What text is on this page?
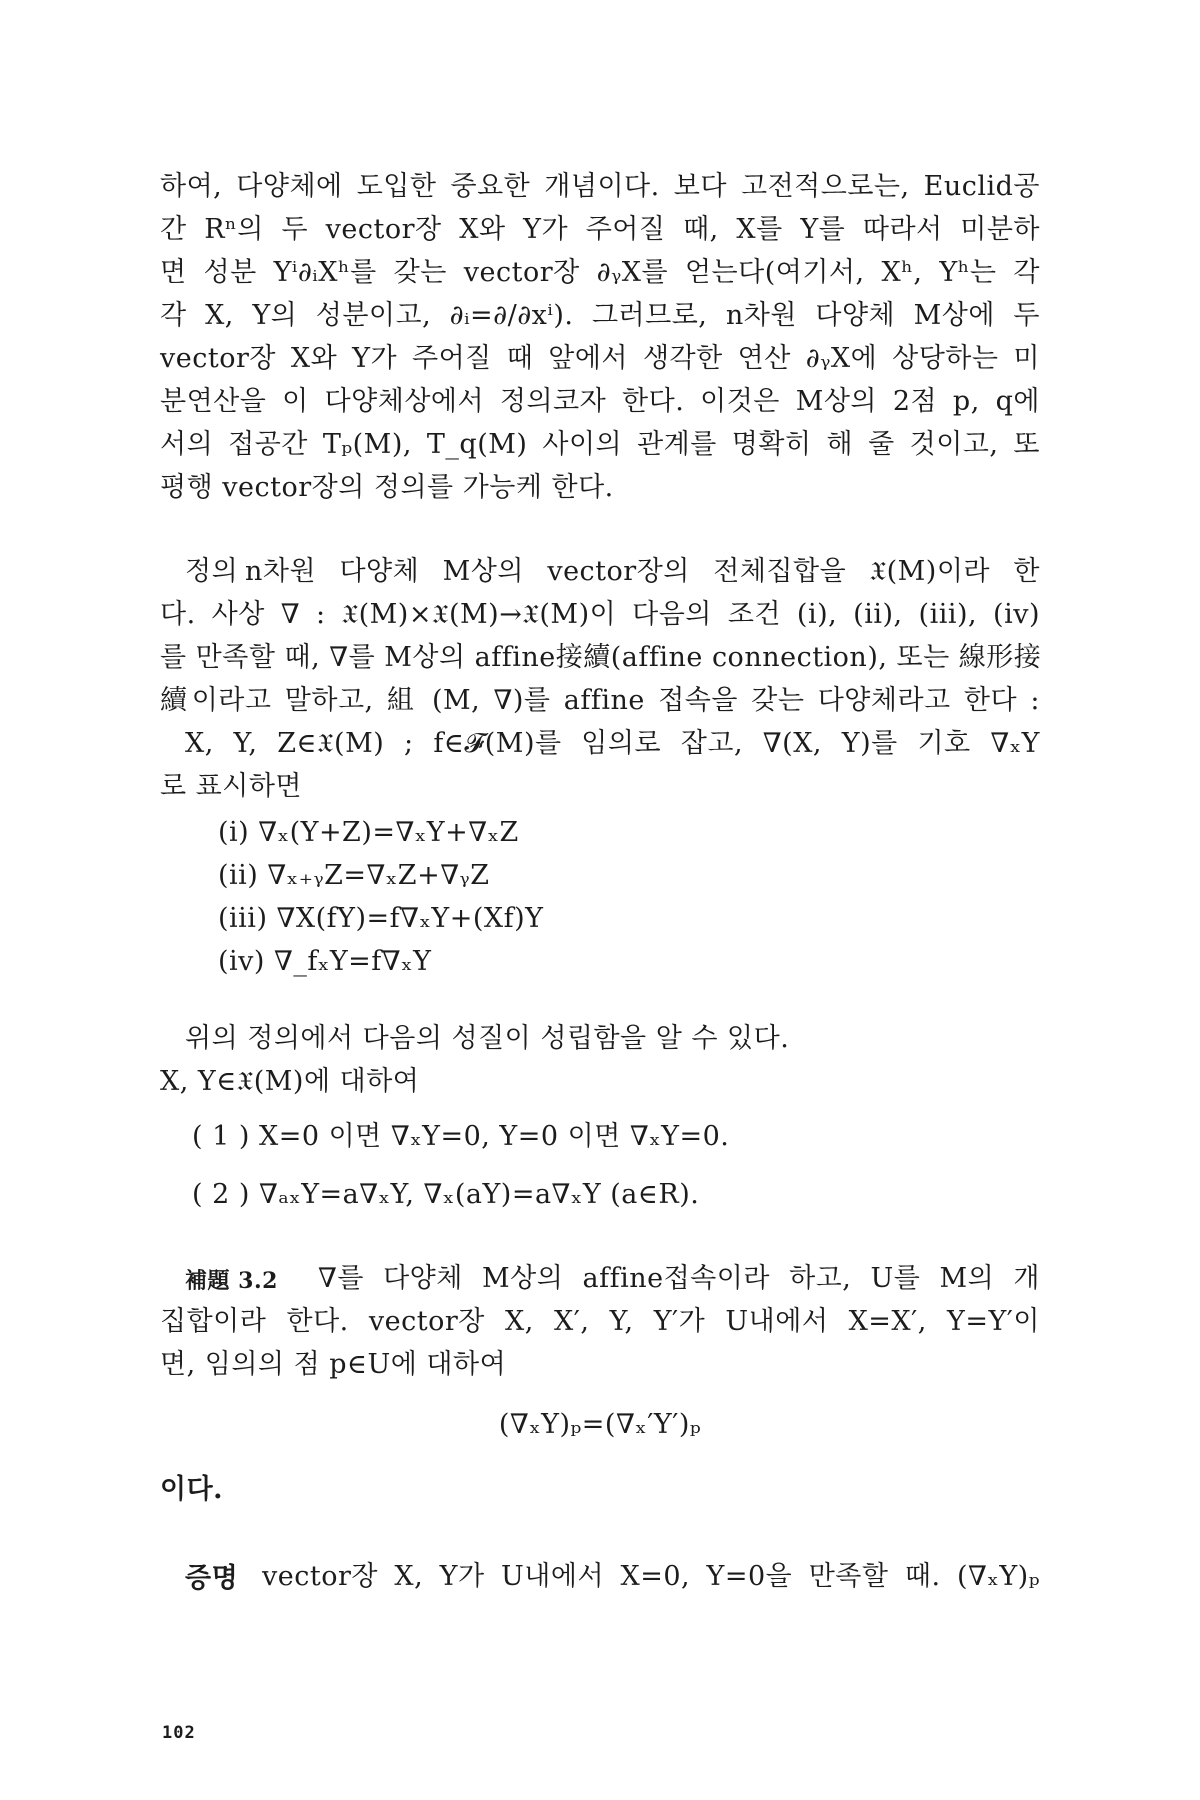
하여, 다양체에 도입한 중요한 개념이다. 보다 고전적으로는, Euclid공
간 Rⁿ의 두 vector장 X와 Y가 주어질 때, X를 Y를 따라서 미분하
면 성분 Yⁱ∂ᵢXʰ를 갖는 vector장 ∂ᵧX를 얻는다(여기서, Xʰ, Yʰ는 각
각 X, Y의 성분이고, ∂ᵢ=∂/∂xⁱ). 그러므로, n차원 다양체 M상에 두
vector장 X와 Y가 주어질 때 앞에서 생각한 연산 ∂ᵧX에 상당하는 미
분연산을 이 다양체상에서 정의코자 한다. 이것은 M상의 2점 p, q에
서의 접공간 Tₚ(M), T_q(M) 사이의 관계를 명확히 해 줄 것이고, 또
평행 vector장의 정의를 가능케 한다.
정의 n차원 다양체 M상의 vector장의 전체집합을 𝔛(M)이라 한
다. 사상 ∇ : 𝔛(M)×𝔛(M)→𝔛(M)이 다음의 조건 (i), (ii), (iii), (iv)
를 만족할 때, ∇를 M상의 affine接續(affine connection), 또는 線形接
續이라고 말하고, 組 (M, ∇)를 affine 접속을 갖는 다양체라고 한다 :
X, Y, Z∈𝔛(M) ; f∈𝓕(M)를 임의로 잡고, ∇(X, Y)를 기호 ∇ₓY
로 표시하면
(i) ∇ₓ(Y+Z)=∇ₓY+∇ₓZ
(ii) ∇ₓ₊ᵧZ=∇ₓZ+∇ᵧZ
(iii) ∇X(fY)=f∇ₓY+(Xf)Y
(iv) ∇_fₓY=f∇ₓY
위의 정의에서 다음의 성질이 성립함을 알 수 있다.
X, Y∈𝔛(M)에 대하여
( 1 ) X=0 이면 ∇ₓY=0, Y=0 이면 ∇ₓY=0.
( 2 ) ∇ₐₓY=a∇ₓY, ∇ₓ(aY)=a∇ₓY (a∈R).
補題 3.2 ∇를 다양체 M상의 affine접속이라 하고, U를 M의 개
집합이라 한다. vector장 X, X′, Y, Y′가 U내에서 X=X′, Y=Y′이
면, 임의의 점 p∈U에 대하여
(∇ₓY)ₚ=(∇ₓ′Y′)ₚ
이다.
증명 vector장 X, Y가 U내에서 X=0, Y=0을 만족할 때. (∇ₓY)ₚ
102
